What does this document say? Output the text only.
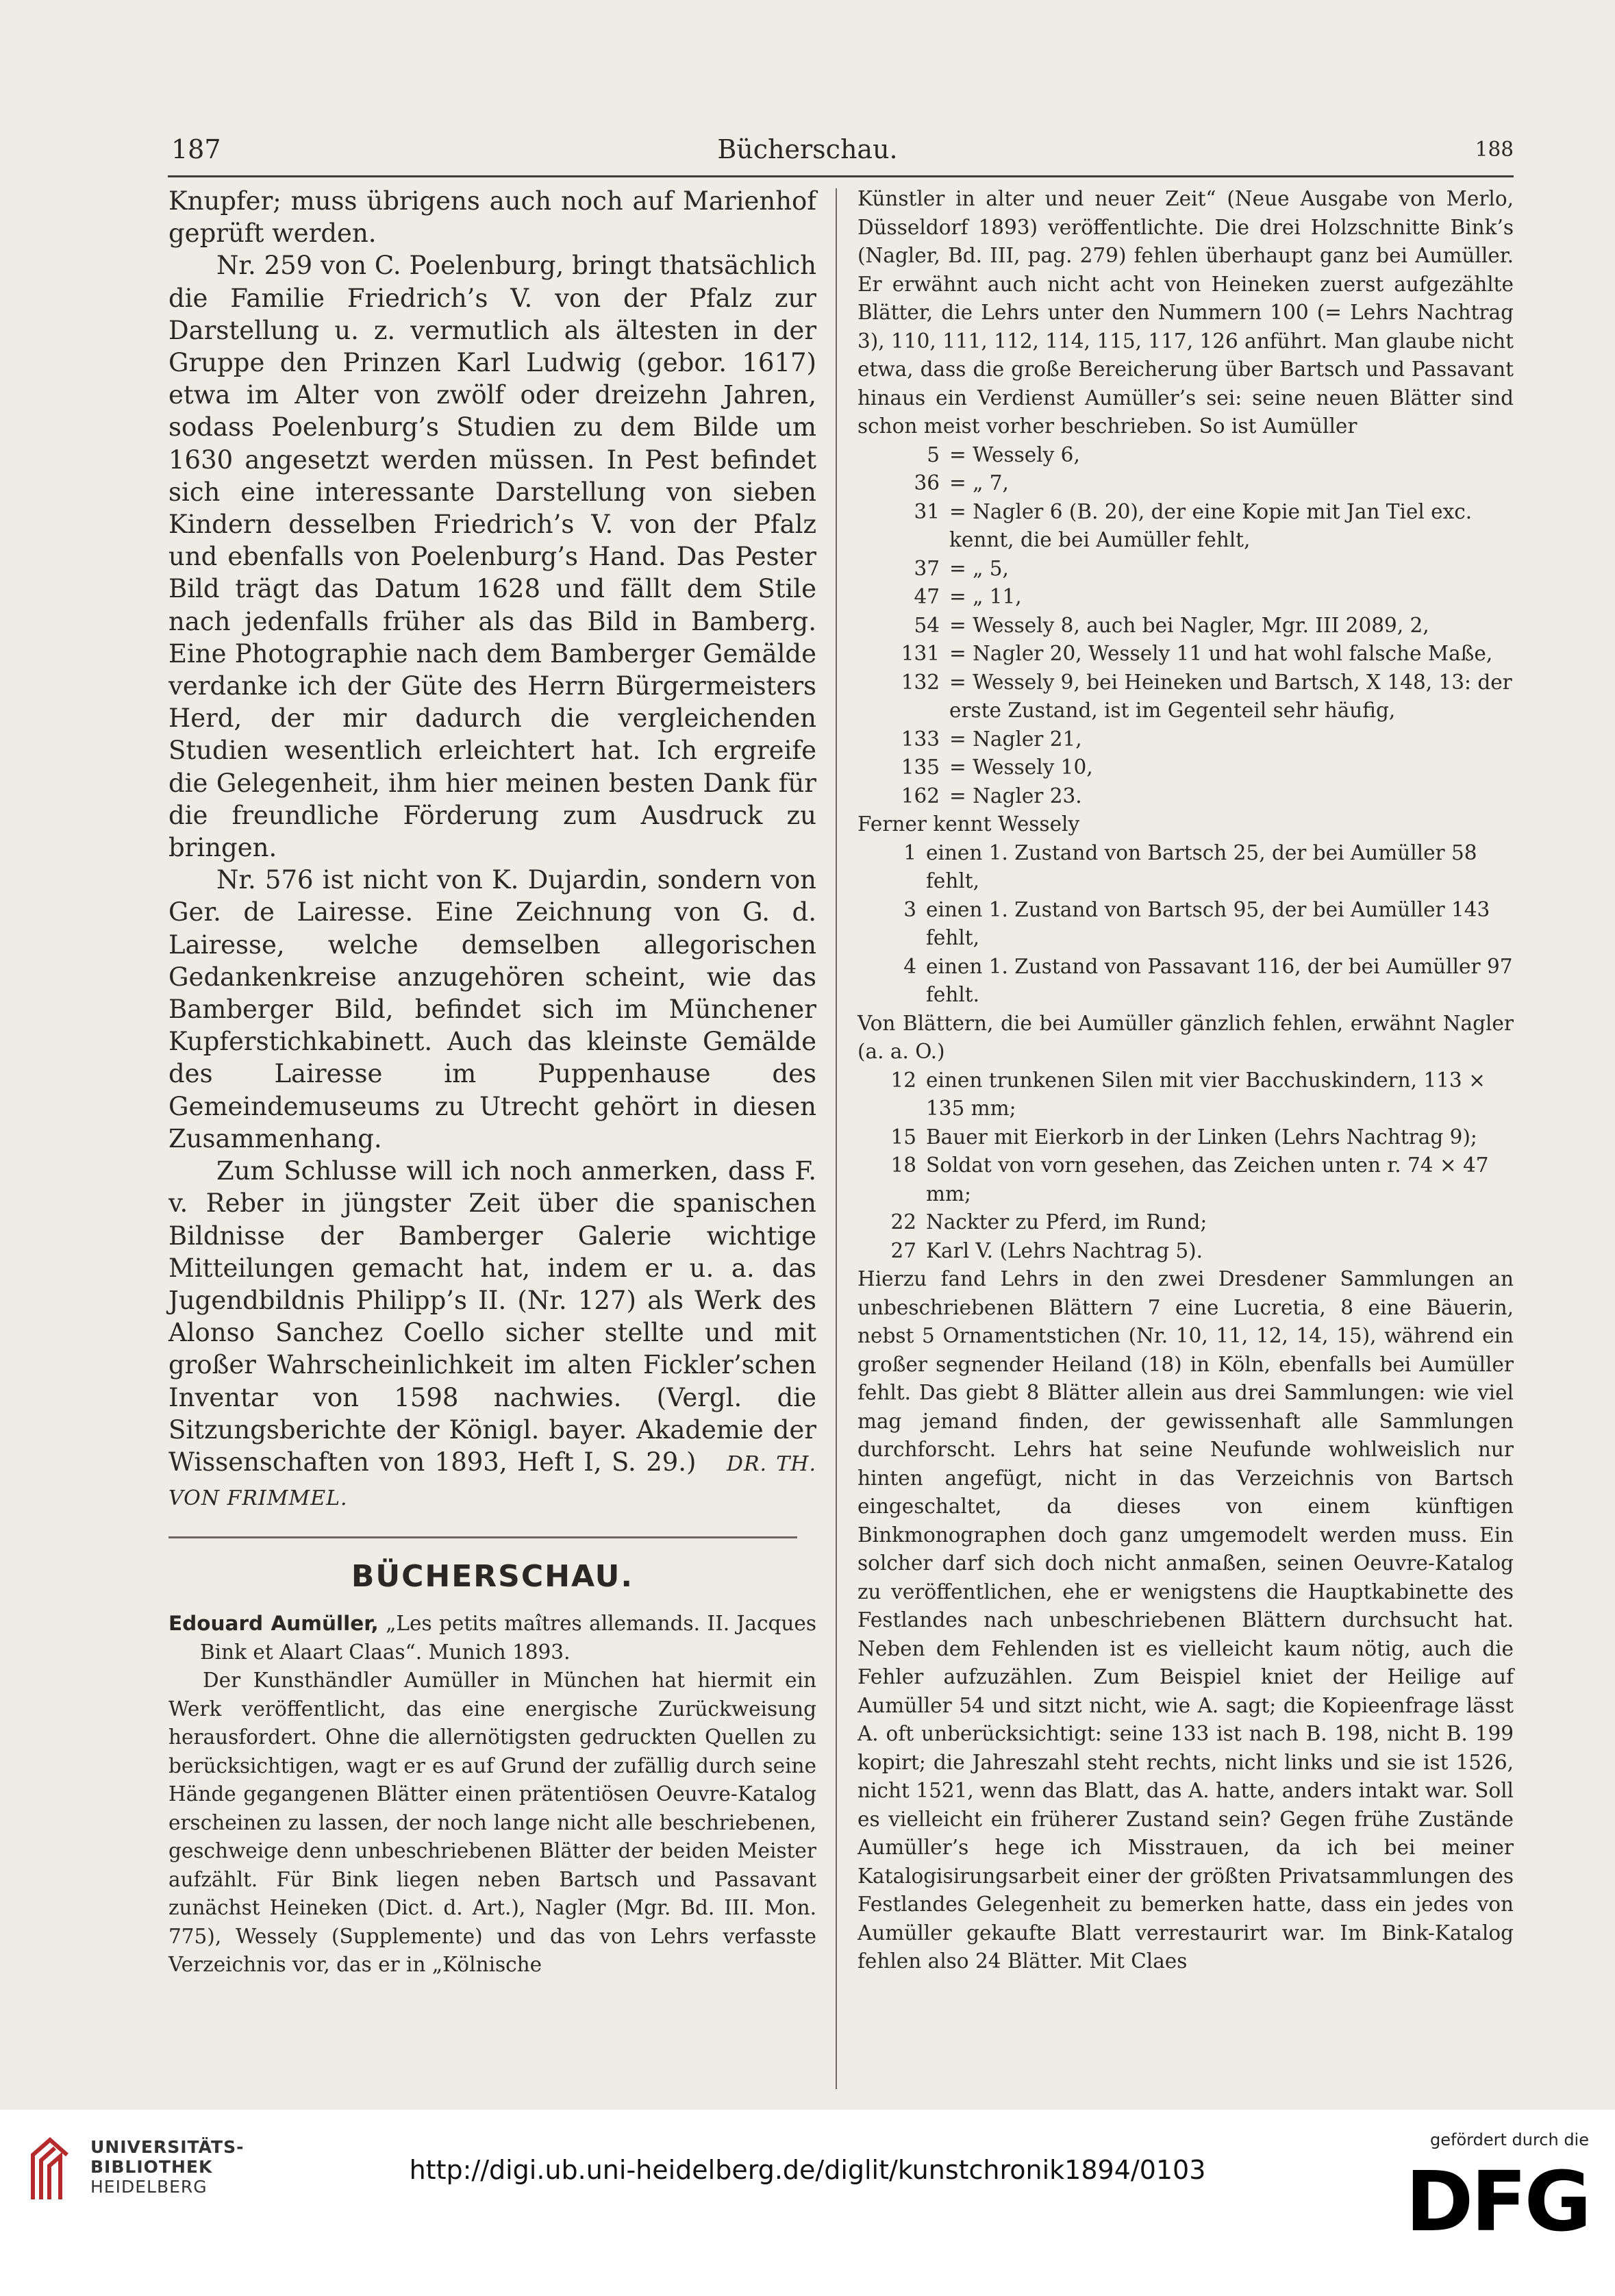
187	Bücherschau.	188

Knupfer; muss übrigens auch noch auf Marienhof geprüft werden.

Nr. 259 von C. Poelenburg, bringt thatsächlich die Familie Friedrich’s V. von der Pfalz zur Darstellung u. z. vermutlich als ältesten in der Gruppe den Prinzen Karl Ludwig (gebor. 1617) etwa im Alter von zwölf oder dreizehn Jahren, sodass Poelenburg’s Studien zu dem Bilde um 1630 angesetzt werden müssen. In Pest befindet sich eine interessante Darstellung von sieben Kindern desselben Friedrich’s V. von der Pfalz und ebenfalls von Poelenburg’s Hand. Das Pester Bild trägt das Datum 1628 und fällt dem Stile nach jedenfalls früher als das Bild in Bamberg. Eine Photographie nach dem Bamberger Gemälde verdanke ich der Güte des Herrn Bürgermeisters Herd, der mir dadurch die vergleichenden Studien wesentlich erleichtert hat. Ich ergreife die Gelegenheit, ihm hier meinen besten Dank für die freundliche Förderung zum Ausdruck zu bringen.

Nr. 576 ist nicht von K. Dujardin, sondern von Ger. de Lairesse. Eine Zeichnung von G. d. Lairesse, welche demselben allegorischen Gedankenkreise anzugehören scheint, wie das Bamberger Bild, befindet sich im Münchener Kupferstichkabinett. Auch das kleinste Gemälde des Lairesse im Puppenhause des Gemeindemuseums zu Utrecht gehört in diesen Zusammenhang.

Zum Schlusse will ich noch anmerken, dass F. v. Reber in jüngster Zeit über die spanischen Bildnisse der Bamberger Galerie wichtige Mitteilungen gemacht hat, indem er u. a. das Jugendbildnis Philipp’s II. (Nr. 127) als Werk des Alonso Sanchez Coello sicher stellte und mit großer Wahrscheinlichkeit im alten Fickler’schen Inventar von 1598 nachwies. (Vergl. die Sitzungsberichte der Königl. bayer. Akademie der Wissenschaften von 1893, Heft I, S. 29.) DR. TH. VON FRIMMEL.

BÜCHERSCHAU.

Edouard Aumüller, „Les petits maîtres allemands. II. Jacques Bink et Alaart Claas“. Munich 1893.

Der Kunsthändler Aumüller in München hat hiermit ein Werk veröffentlicht, das eine energische Zurückweisung herausfordert. Ohne die allernötigsten gedruckten Quellen zu berücksichtigen, wagt er es auf Grund der zufällig durch seine Hände gegangenen Blätter einen prätentiösen Oeuvre-Katalog erscheinen zu lassen, der noch lange nicht alle beschriebenen, geschweige denn unbeschriebenen Blätter der beiden Meister aufzählt. Für Bink liegen neben Bartsch und Passavant zunächst Heineken (Dict. d. Art.), Nagler (Mgr. Bd. III. Mon. 775), Wessely (Supplemente) und das von Lehrs verfasste Verzeichnis vor, das er in „Kölnische

Künstler in alter und neuer Zeit“ (Neue Ausgabe von Merlo, Düsseldorf 1893) veröffentlichte. Die drei Holzschnitte Bink’s (Nagler, Bd. III, pag. 279) fehlen überhaupt ganz bei Aumüller. Er erwähnt auch nicht acht von Heineken zuerst aufgezählte Blätter, die Lehrs unter den Nummern 100 (= Lehrs Nachtrag 3), 110, 111, 112, 114, 115, 117, 126 anführt. Man glaube nicht etwa, dass die große Bereicherung über Bartsch und Passavant hinaus ein Verdienst Aumüller’s sei: seine neuen Blätter sind schon meist vorher beschrieben. So ist Aumüller

5 = Wessely 6,
36 = „ 7,
31 = Nagler 6 (B. 20), der eine Kopie mit Jan Tiel exc. kennt, die bei Aumüller fehlt,
37 = „ 5,
47 = „ 11,
54 = Wessely 8, auch bei Nagler, Mgr. III 2089, 2,
131 = Nagler 20, Wessely 11 und hat wohl falsche Maße,
132 = Wessely 9, bei Heineken und Bartsch, X 148, 13: der erste Zustand, ist im Gegenteil sehr häufig,
133 = Nagler 21,
135 = Wessely 10,
162 = Nagler 23.

Ferner kennt Wessely

1 einen 1. Zustand von Bartsch 25, der bei Aumüller 58 fehlt,
3 einen 1. Zustand von Bartsch 95, der bei Aumüller 143 fehlt,
4 einen 1. Zustand von Passavant 116, der bei Aumüller 97 fehlt.

Von Blättern, die bei Aumüller gänzlich fehlen, erwähnt Nagler (a. a. O.)

12 einen trunkenen Silen mit vier Bacchuskindern, 113 × 135 mm;
15 Bauer mit Eierkorb in der Linken (Lehrs Nachtrag 9);
18 Soldat von vorn gesehen, das Zeichen unten r. 74 × 47 mm;
22 Nackter zu Pferd, im Rund;
27 Karl V. (Lehrs Nachtrag 5).

Hierzu fand Lehrs in den zwei Dresdener Sammlungen an unbeschriebenen Blättern 7 eine Lucretia, 8 eine Bäuerin, nebst 5 Ornamentstichen (Nr. 10, 11, 12, 14, 15), während ein großer segnender Heiland (18) in Köln, ebenfalls bei Aumüller fehlt. Das giebt 8 Blätter allein aus drei Sammlungen: wie viel mag jemand finden, der gewissenhaft alle Sammlungen durchforscht. Lehrs hat seine Neufunde wohlweislich nur hinten angefügt, nicht in das Verzeichnis von Bartsch eingeschaltet, da dieses von einem künftigen Binkmonographen doch ganz umgemodelt werden muss. Ein solcher darf sich doch nicht anmaßen, seinen Oeuvre-Katalog zu veröffentlichen, ehe er wenigstens die Hauptkabinette des Festlandes nach unbeschriebenen Blättern durchsucht hat. Neben dem Fehlenden ist es vielleicht kaum nötig, auch die Fehler aufzuzählen. Zum Beispiel kniet der Heilige auf Aumüller 54 und sitzt nicht, wie A. sagt; die Kopieenfrage lässt A. oft unberücksichtigt: seine 133 ist nach B. 198, nicht B. 199 kopirt; die Jahreszahl steht rechts, nicht links und sie ist 1526, nicht 1521, wenn das Blatt, das A. hatte, anders intakt war. Soll es vielleicht ein früherer Zustand sein? Gegen frühe Zustände Aumüller’s hege ich Misstrauen, da ich bei meiner Katalogisirungsarbeit einer der größten Privatsammlungen des Festlandes Gelegenheit zu bemerken hatte, dass ein jedes von Aumüller gekaufte Blatt verrestaurirt war. Im Bink-Katalog fehlen also 24 Blätter. Mit Claes

UNIVERSITÄTS-
BIBLIOTHEK
HEIDELBERG
http://digi.ub.uni-heidelberg.de/diglit/kunstchronik1894/0103
gefördert durch die
DFG
